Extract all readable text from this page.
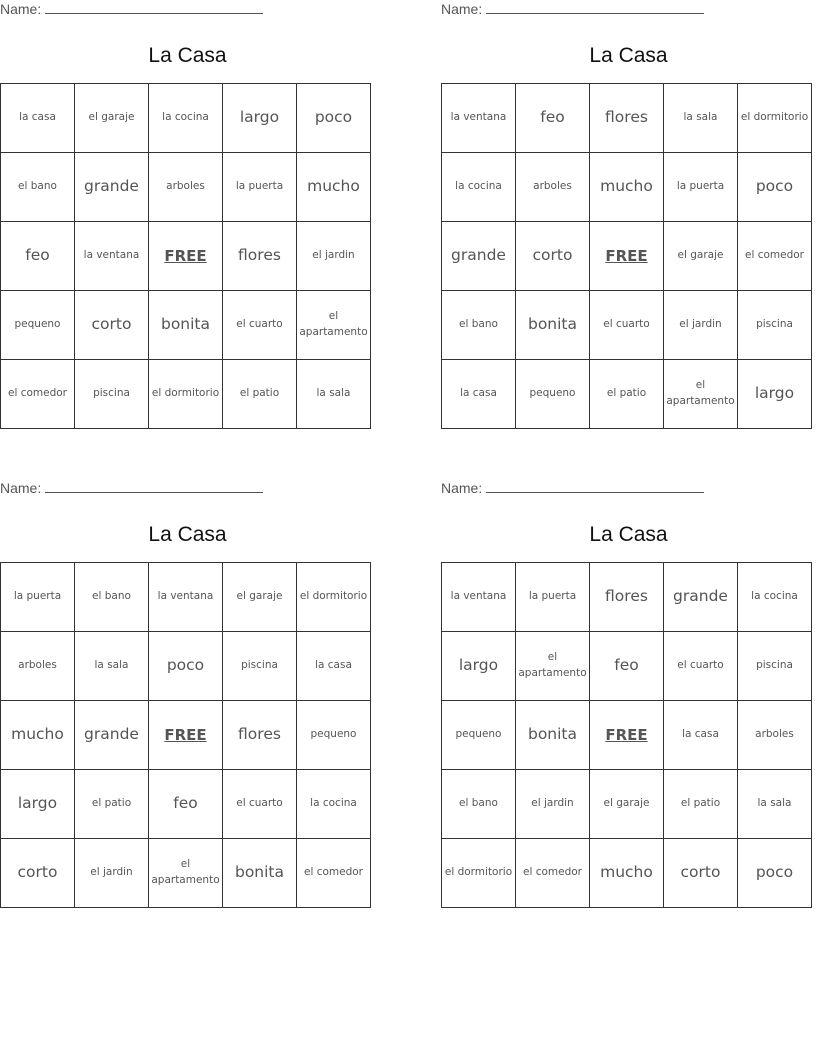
Name:
La Casa
la casa	el garaje	la cocina	largo	poco
el bano	grande	arboles	la puerta	mucho
feo	la ventana	FREE	flores	el jardin
pequeno	corto	bonita	el cuarto	el apartamento
el comedor	piscina	el dormitorio	el patio	la sala
Name:
La Casa
la ventana	feo	flores	la sala	el dormitorio
la cocina	arboles	mucho	la puerta	poco
grande	corto	FREE	el garaje	el comedor
el bano	bonita	el cuarto	el jardin	piscina
la casa	pequeno	el patio	el apartamento	largo
Name:
La Casa
la puerta	el bano	la ventana	el garaje	el dormitorio
arboles	la sala	poco	piscina	la casa
mucho	grande	FREE	flores	pequeno
largo	el patio	feo	el cuarto	la cocina
corto	el jardin	el apartamento	bonita	el comedor
Name:
La Casa
la ventana	la puerta	flores	grande	la cocina
largo	el apartamento	feo	el cuarto	piscina
pequeno	bonita	FREE	la casa	arboles
el bano	el jardin	el garaje	el patio	la sala
el dormitorio	el comedor	mucho	corto	poco
